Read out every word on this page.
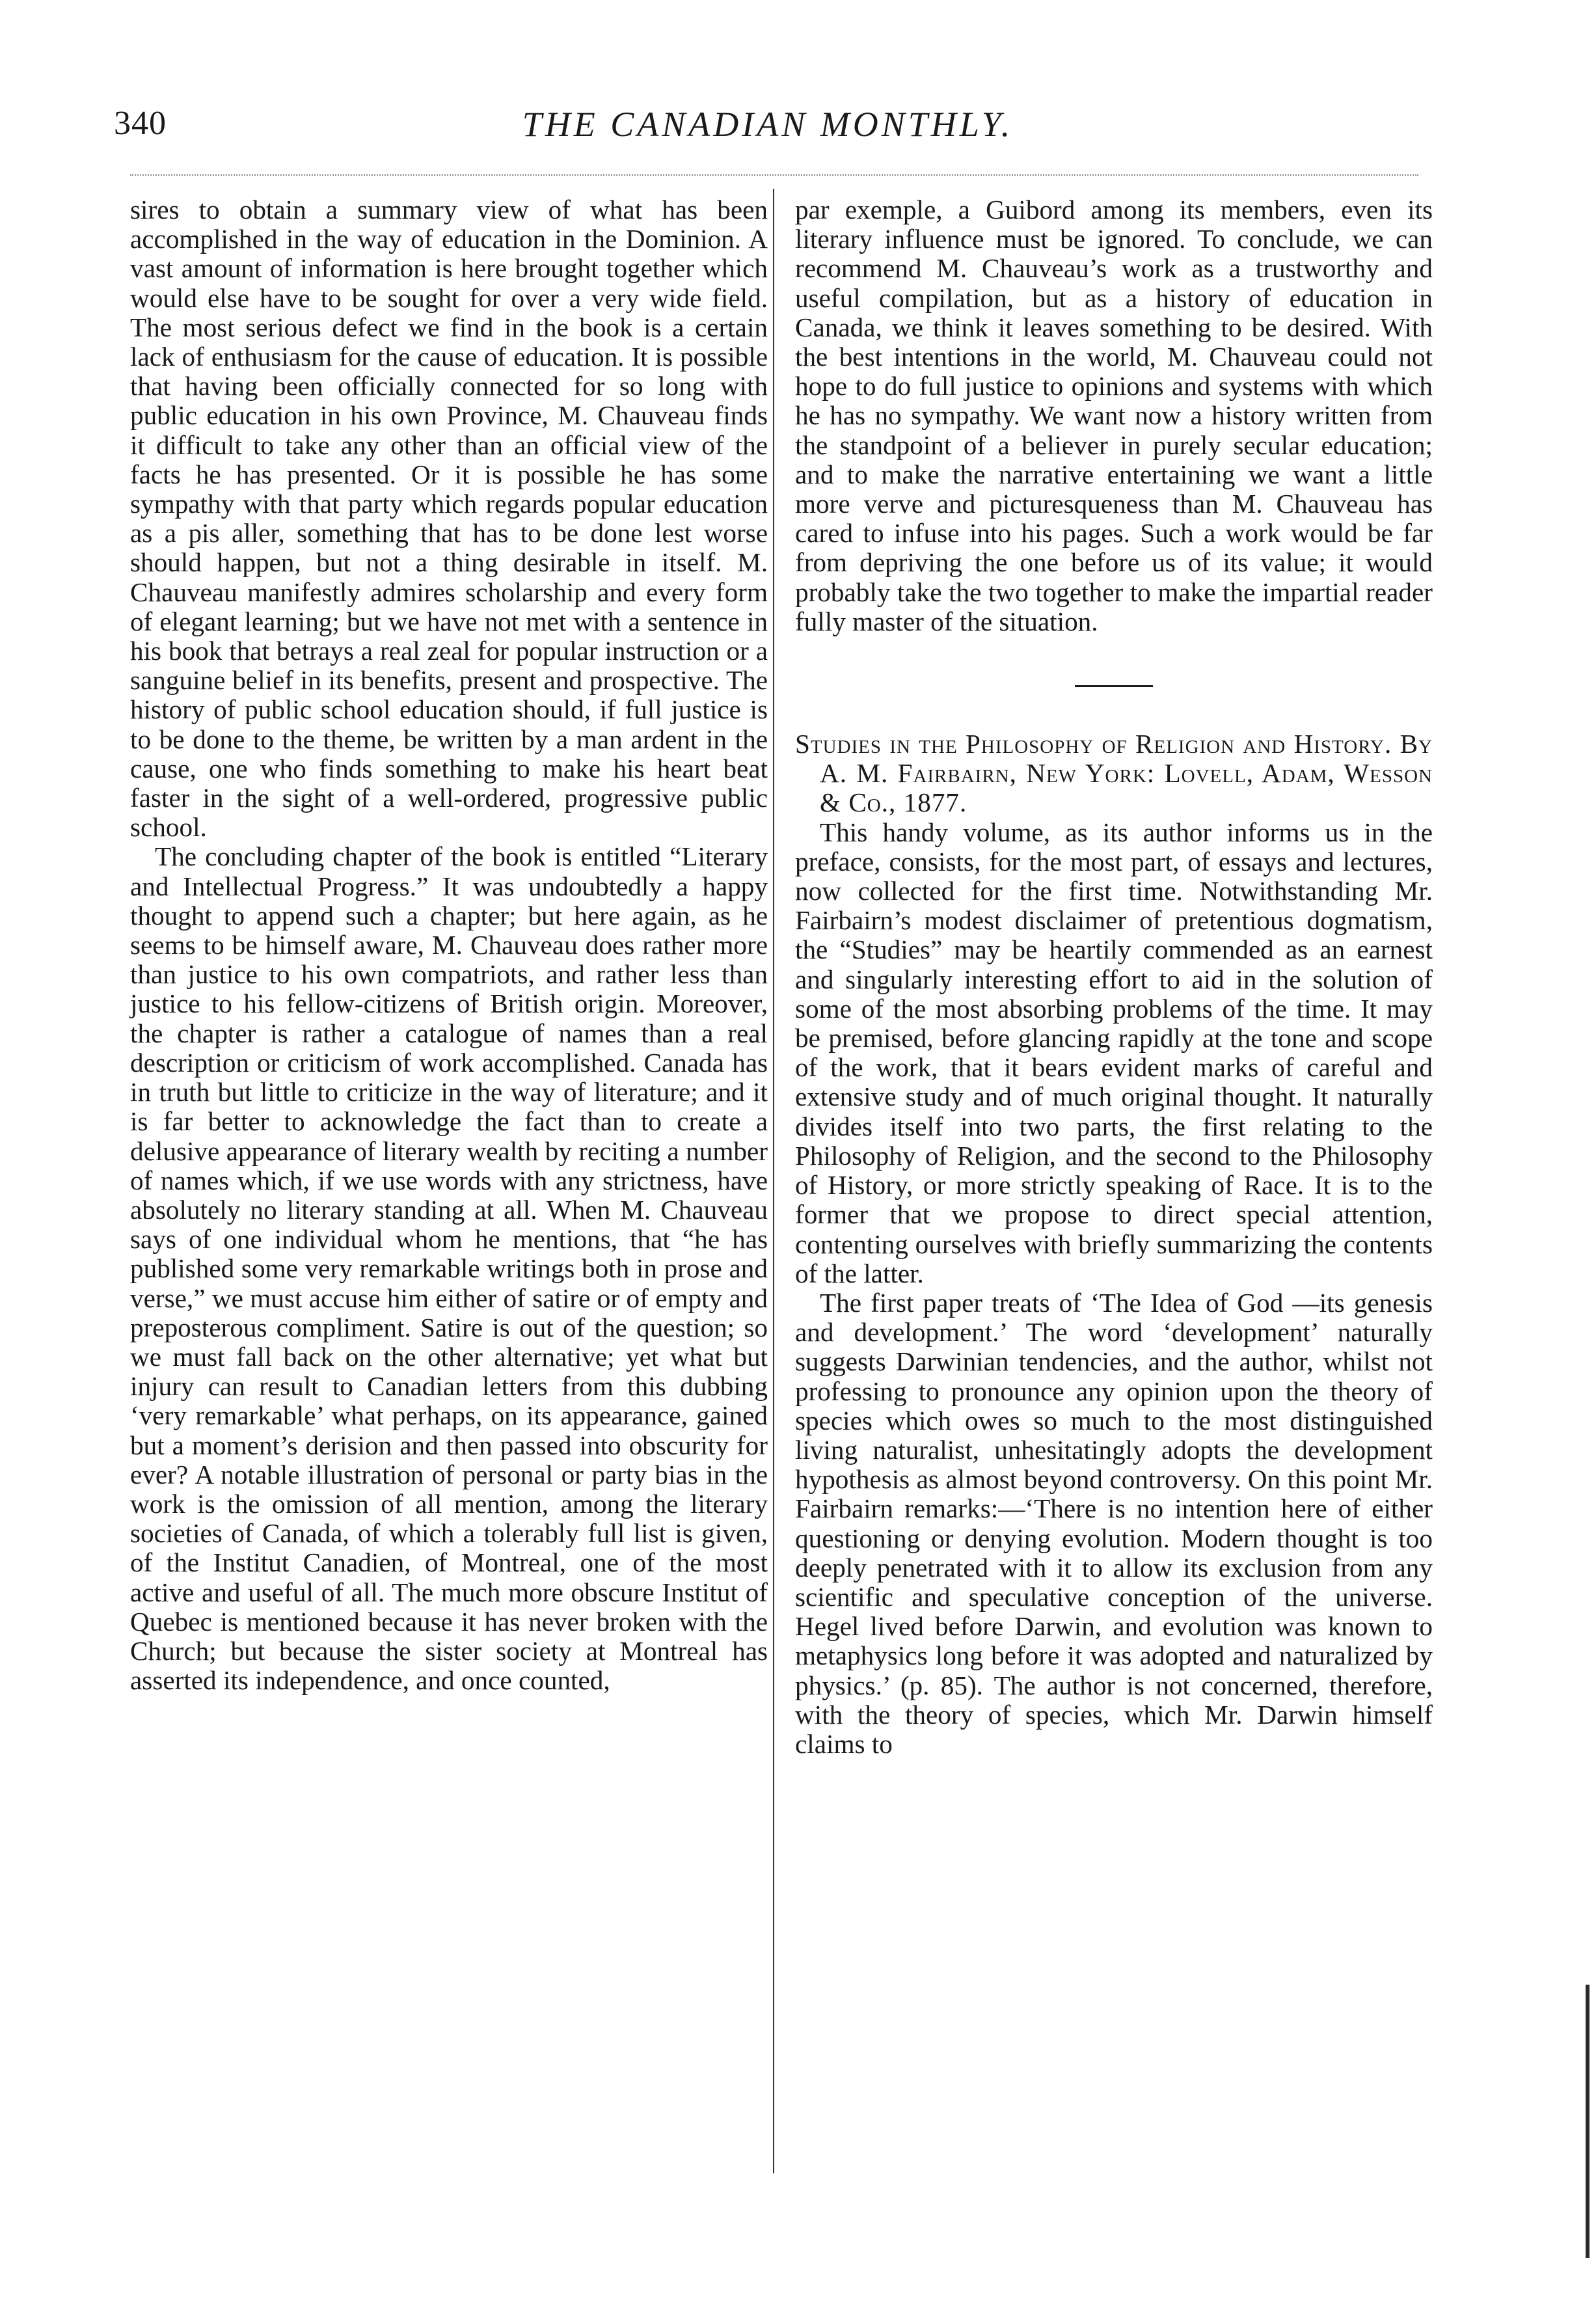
340	THE CANADIAN MONTHLY.

sires to obtain a summary view of what has been accomplished in the way of education in the Dominion. A vast amount of information is here brought together which would else have to be sought for over a very wide field. The most serious defect we find in the book is a certain lack of enthusiasm for the cause of education. It is possible that having been officially connected for so long with public education in his own Province, M. Chauveau finds it difficult to take any other than an official view of the facts he has presented. Or it is possible he has some sympathy with that party which regards popular education as a pis aller, something that has to be done lest worse should happen, but not a thing desirable in itself. M. Chauveau manifestly admires scholarship and every form of elegant learning; but we have not met with a sentence in his book that betrays a real zeal for popular instruction or a sanguine belief in its benefits, present and prospective. The history of public school education should, if full justice is to be done to the theme, be written by a man ardent in the cause, one who finds something to make his heart beat faster in the sight of a well-ordered, progressive public school.

The concluding chapter of the book is entitled “Literary and Intellectual Progress.” It was undoubtedly a happy thought to append such a chapter; but here again, as he seems to be himself aware, M. Chauveau does rather more than justice to his own compatriots, and rather less than justice to his fellow-citizens of British origin. Moreover, the chapter is rather a catalogue of names than a real description or criticism of work accomplished. Canada has in truth but little to criticize in the way of literature; and it is far better to acknowledge the fact than to create a delusive appearance of literary wealth by reciting a number of names which, if we use words with any strictness, have absolutely no literary standing at all. When M. Chauveau says of one individual whom he mentions, that “he has published some very remarkable writings both in prose and verse,” we must accuse him either of satire or of empty and preposterous compliment. Satire is out of the question; so we must fall back on the other alternative; yet what but injury can result to Canadian letters from this dubbing ‘very remarkable’ what perhaps, on its appearance, gained but a moment’s derision and then passed into obscurity for ever? A notable illustration of personal or party bias in the work is the omission of all mention, among the literary societies of Canada, of which a tolerably full list is given, of the Institut Canadien, of Montreal, one of the most active and useful of all. The much more obscure Institut of Quebec is mentioned because it has never broken with the Church; but because the sister society at Montreal has asserted its independence, and once counted,

par exemple, a Guibord among its members, even its literary influence must be ignored. To conclude, we can recommend M. Chauveau’s work as a trustworthy and useful compilation, but as a history of education in Canada, we think it leaves something to be desired. With the best intentions in the world, M. Chauveau could not hope to do full justice to opinions and systems with which he has no sympathy. We want now a history written from the standpoint of a believer in purely secular education; and to make the narrative entertaining we want a little more verve and picturesqueness than M. Chauveau has cared to infuse into his pages. Such a work would be far from depriving the one before us of its value; it would probably take the two together to make the impartial reader fully master of the situation.

Studies in the Philosophy of Religion and History. By A. M. Fairbairn, New York: Lovell, Adam, Wesson & Co., 1877.

This handy volume, as its author informs us in the preface, consists, for the most part, of essays and lectures, now collected for the first time. Notwithstanding Mr. Fairbairn’s modest disclaimer of pretentious dogmatism, the “Studies” may be heartily commended as an earnest and singularly interesting effort to aid in the solution of some of the most absorbing problems of the time. It may be premised, before glancing rapidly at the tone and scope of the work, that it bears evident marks of careful and extensive study and of much original thought. It naturally divides itself into two parts, the first relating to the Philosophy of Religion, and the second to the Philosophy of History, or more strictly speaking of Race. It is to the former that we propose to direct special attention, contenting ourselves with briefly summarizing the contents of the latter.

The first paper treats of ‘The Idea of God —its genesis and development.’ The word ‘development’ naturally suggests Darwinian tendencies, and the author, whilst not professing to pronounce any opinion upon the theory of species which owes so much to the most distinguished living naturalist, unhesitatingly adopts the development hypothesis as almost beyond controversy. On this point Mr. Fairbairn remarks:—‘There is no intention here of either questioning or denying evolution. Modern thought is too deeply penetrated with it to allow its exclusion from any scientific and speculative conception of the universe. Hegel lived before Darwin, and evolution was known to metaphysics long before it was adopted and naturalized by physics.’ (p. 85). The author is not concerned, therefore, with the theory of species, which Mr. Darwin himself claims to
